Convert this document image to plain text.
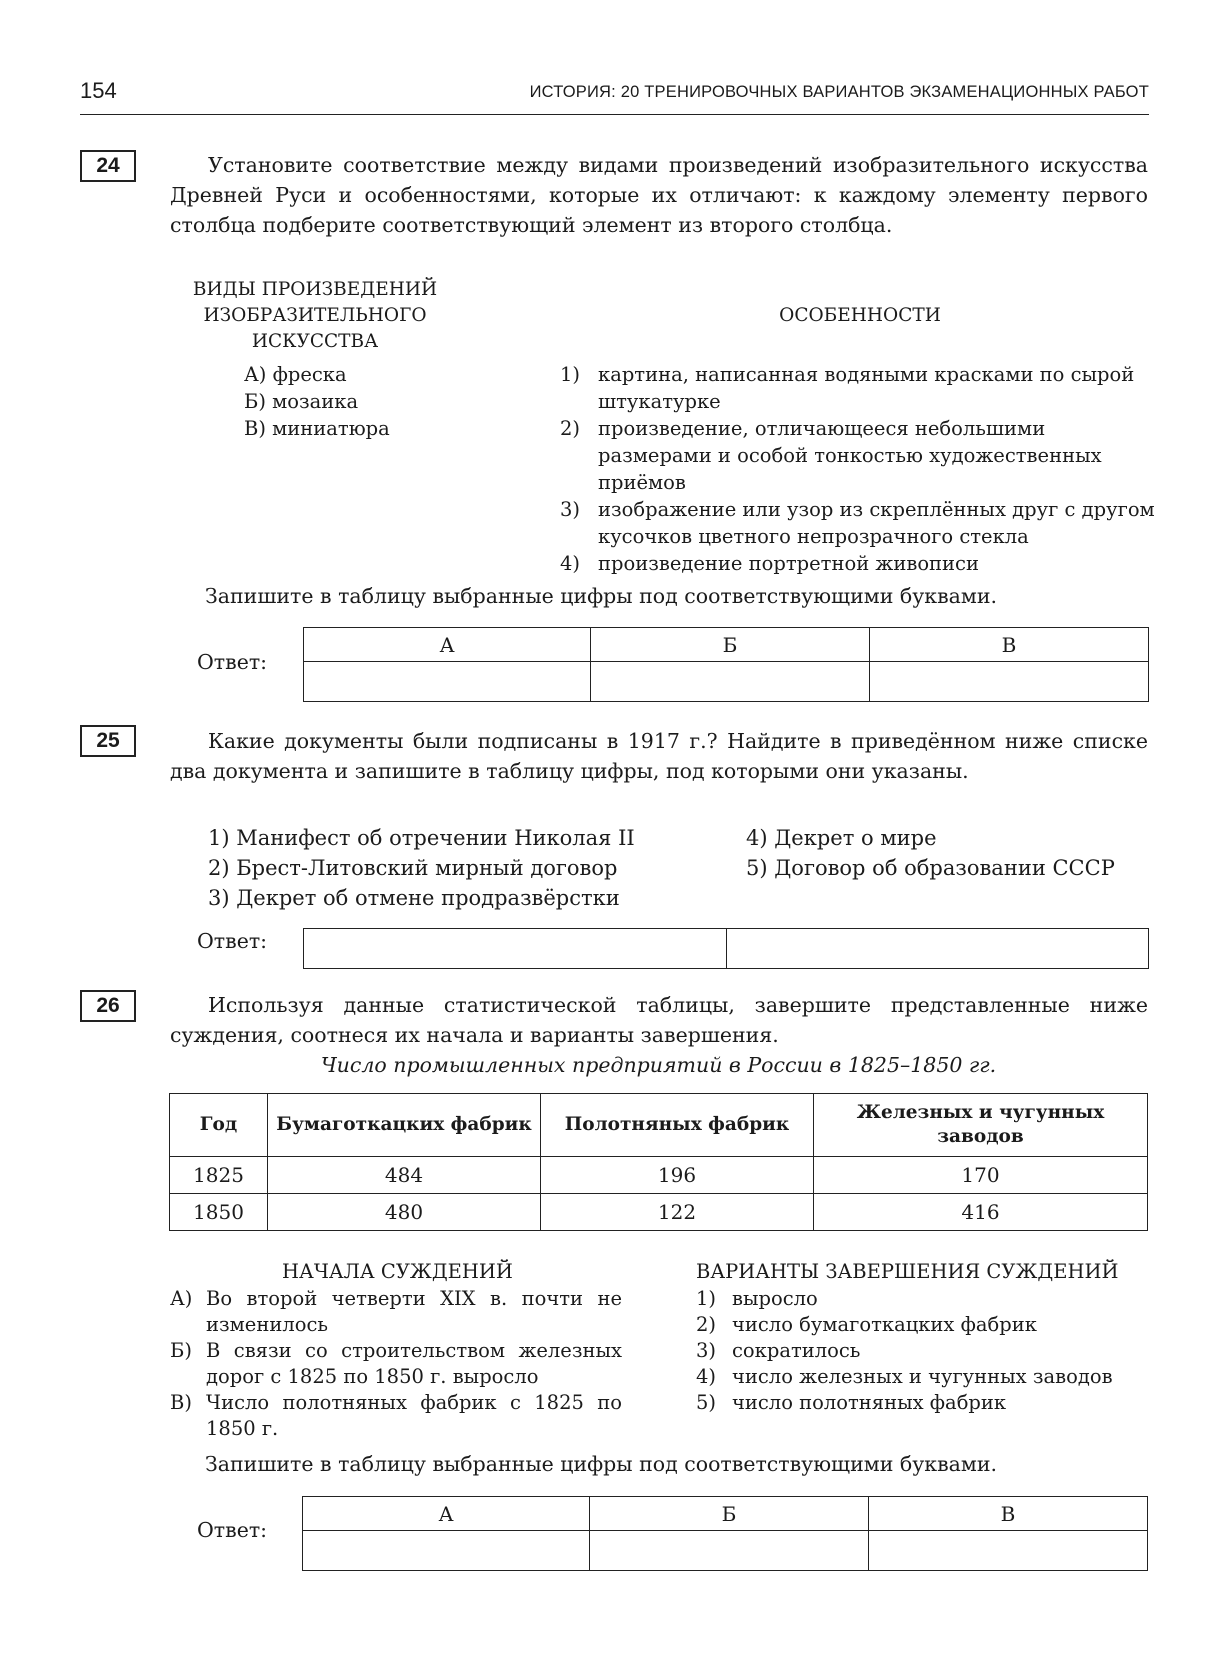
154	ИСТОРИЯ: 20 ТРЕНИРОВОЧНЫХ ВАРИАНТОВ ЭКЗАМЕНАЦИОННЫХ РАБОТ
24	Установите соответствие между видами произведений изобразительного искусства Древней Руси и особенностями, которые их отличают: к каждому элементу первого столбца подберите соответствующий элемент из второго столбца.
ВИДЫ ПРОИЗВЕДЕНИЙ
ИЗОБРАЗИТЕЛЬНОГО
ИСКУССТВА
ОСОБЕННОСТИ
А) фреска
Б) мозаика
В) миниатюра
1) картина, написанная водяными красками по сырой штукатурке
2) произведение, отличающееся небольшими размерами и особой тонкостью художественных приёмов
3) изображение или узор из скреплённых друг с другом кусочков цветного непрозрачного стекла
4) произведение портретной живописи
Запишите в таблицу выбранные цифры под соответствующими буквами.
Ответ:
А	Б	В

25	Какие документы были подписаны в 1917 г.? Найдите в приведённом ниже списке два документа и запишите в таблицу цифры, под которыми они указаны.
1) Манифест об отречении Николая II
2) Брест-Литовский мирный договор
3) Декрет об отмене продразвёрстки
4) Декрет о мире
5) Договор об образовании СССР
Ответ:

26	Используя данные статистической таблицы, завершите представленные ниже суждения, соотнеся их начала и варианты завершения.
Число промышленных предприятий в России в 1825–1850 гг.
Год	Бумаготкацких фабрик	Полотняных фабрик	Железных и чугунных заводов
1825	484	196	170
1850	480	122	416
НАЧАЛА СУЖДЕНИЙ	ВАРИАНТЫ ЗАВЕРШЕНИЯ СУЖДЕНИЙ
А) Во второй четверти XIX в. почти не изменилось
Б) В связи со строительством железных дорог с 1825 по 1850 г. выросло
В) Число полотняных фабрик с 1825 по 1850 г.
1) выросло
2) число бумаготкацких фабрик
3) сократилось
4) число железных и чугунных заводов
5) число полотняных фабрик
Запишите в таблицу выбранные цифры под соответствующими буквами.
Ответ:
А	Б	В
